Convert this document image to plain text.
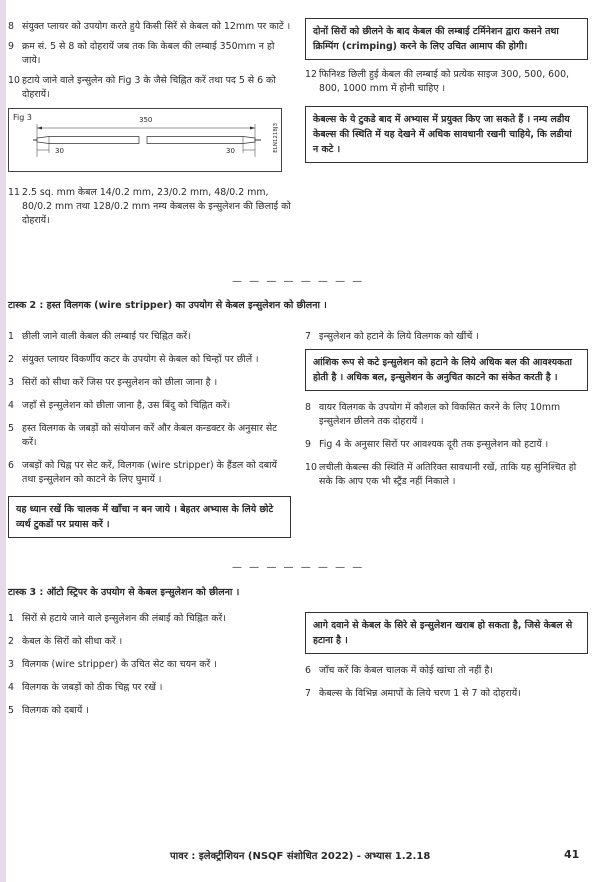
8 संयुक्त प्लायर को उपयोग करते हुये किसी सिरें से केबल को 12mm पर काटें ।
9 क्रम सं. 5 से 8 को दोहरायें जब तक कि केबल की लम्बाई 350mm न हो जाये।
10 हटाये जाने वाले इन्सुलेन को Fig 3 के जैसे चिह्नित करें तथा पद 5 से 6 को दोहरायें।
Fig 3	350
30	30	ELN1218J3
11 2.5 sq. mm केबल 14/0.2 mm, 23/0.2 mm, 48/0.2 mm, 80/0.2 mm तथा 128/0.2 mm नम्य केबलस के इन्सुलेशन की छिलाई को दोहरायें।
दोनों सिरों को छीलने के बाद केबल की लम्बाई टर्मिनेशन द्वारा कसने तथा क्रिम्पिंग (crimping) करने के लिए उचित आमाप की होगी।
12 फिनिश्ड छिली हुई केबल की लम्बाई को प्रत्येक साइज 300, 500, 600, 800, 1000 mm में होनी चाहिए ।
केबल्स के ये टुकडे बाद में अभ्यास में प्रयुक्त किए जा सकते हैं । नम्य लडीय केबल्स की स्थिति में यह देखने में अधिक सावधानी रखनी चाहिये, कि लडीयां न कटे ।
— — — — — — — —
टास्क 2 : हस्त विलगक (wire stripper) का उपयोग से केबल इन्सुलेशन को छीलना ।
1 छीली जाने वाली केबल की लम्बाई पर चिह्नित करें।
2 संयुक्त प्लायर विकर्णीय कटर के उपयोग से केबल को चिन्हों पर छीलें ।
3 सिरों को सीधा करें जिस पर इन्सुलेशन को छीला जाना है ।
4 जहाँ से इन्सुलेशन को छीला जाना है, उस बिंदु को चिह्नित करें।
5 हस्त विलगक के जबड़ों को संयोजन करें और केबल कन्डक्टर के अनुसार सेट करें।
6 जबड़ों को चिह्न पर सेट करें, विलगक (wire stripper) के हैंडल को दबायें तथा इन्सुलेशन को काटने के लिए घुमायें ।
यह ध्यान रखें कि चालक में खाँचा न बन जाये । बेहतर अभ्यास के लिये छोटे व्यर्थ टुकडों पर प्रयास करें ।
7 इन्सुलेशन को हटाने के लिये विलगक को खींचें ।
आंशिक रूप से कटे इन्सुलेशन को हटाने के लिये अधिक बल की आवश्यकता होती है । अधिक बल, इन्सुलेशन के अनुचित काटने का संकेत करती है ।
8 वायर विलगक के उपयोग में कौशल को विकसित करने के लिए 10mm इन्सुलेशन छीलने तक दोहरायें ।
9 Fig 4 के अनुसार सिरों पर आवश्यक दूरी तक इन्सुलेशन को हटायें ।
10 लचीली केबल्स की स्थिति में अतिरिक्त सावधानी रखें, ताकि यह सुनिश्चित हो सके कि आप एक भी स्ट्रैंड नहीं निकाले ।
— — — — — — — —
टास्क 3 : ऑटो स्ट्रिपर के उपयोग से केबल इन्सुलेशन को छीलना ।
1 सिरों से हटाये जाने वाले इन्सुलेशन की लंबाई को चिह्नित करें।
2 केबल के सिरों को सीधा करें ।
3 विलगक (wire stripper) के उचित सेट का चयन करें ।
4 विलगक के जबड़ों को ठीक चिह्न पर रखें ।
5 विलगक को दबायें ।
आगे दवाने से केबल के सिरे से इन्सुलेशन खराब हो सकता है, जिसे केबल से हटाना है ।
6 जाँच करें कि केबल चालक में कोई खांचा तो नहीं है।
7 केबल्स के विभिन्न अमापों के लिये चरण 1 से 7 को दोहरायें।
पावर : इलेक्ट्रीशियन (NSQF संशोधित 2022) - अभ्यास 1.2.18	41
